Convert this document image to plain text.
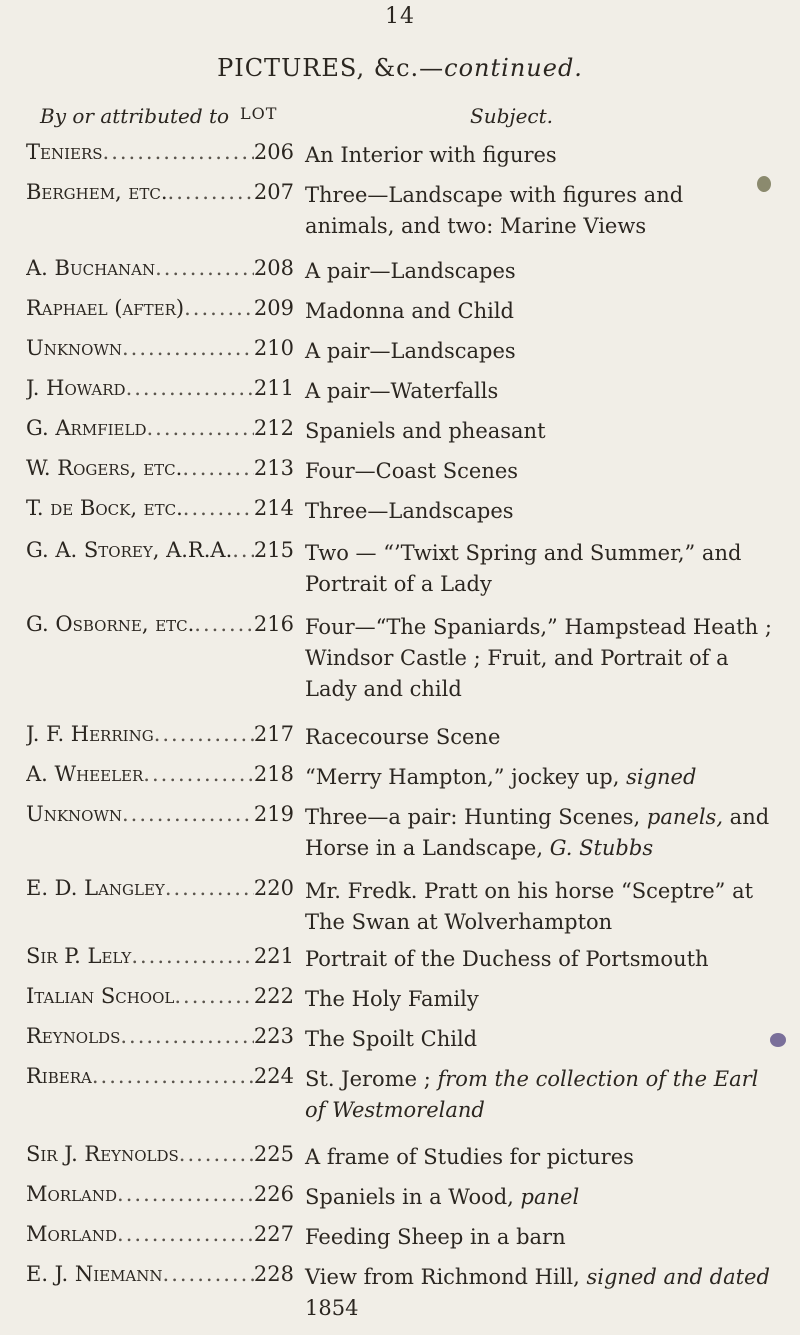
14
PICTURES, &c.—continued.
By or attributed to LOT	Subject.
Teniers .....	206 An Interior with figures
Berghem, etc. .....	207 Three—Landscape with figures and animals, and two: Marine Views
A. Buchanan .....	208 A pair—Landscapes
Raphael (after) .....	209 Madonna and Child
Unknown .....	210 A pair—Landscapes
J. Howard .....	211 A pair—Waterfalls
G. Armfield .....	212 Spaniels and pheasant
W. Rogers, etc. .....	213 Four—Coast Scenes
T. de Bock, etc. .....	214 Three—Landscapes
G. A. Storey, A.R.A. ..... 215 Two — “’Twixt Spring and Summer,” and Portrait of a Lady
G. Osborne, etc. .....	216 Four—“The Spaniards,” Hampstead Heath ; Windsor Castle ; Fruit, and Portrait of a Lady and child
J. F. Herring .....	217 Racecourse Scene
A. Wheeler .....	218 “Merry Hampton,” jockey up, signed
Unknown .....	219 Three—a pair: Hunting Scenes, panels, and Horse in a Landscape, G. Stubbs
E. D. Langley .....	220 Mr. Fredk. Pratt on his horse “Sceptre” at The Swan at Wolverhampton
Sir P. Lely .....	221 Portrait of the Duchess of Portsmouth
Italian School .....	222 The Holy Family
Reynolds .....	223 The Spoilt Child
Ribera .....	224 St. Jerome ; from the collection of the Earl of Westmoreland
Sir J. Reynolds .....	225 A frame of Studies for pictures
Morland .....	226 Spaniels in a Wood, panel
Morland .....	227 Feeding Sheep in a barn
E. J. Niemann .....	228 View from Richmond Hill, signed and dated 1854
